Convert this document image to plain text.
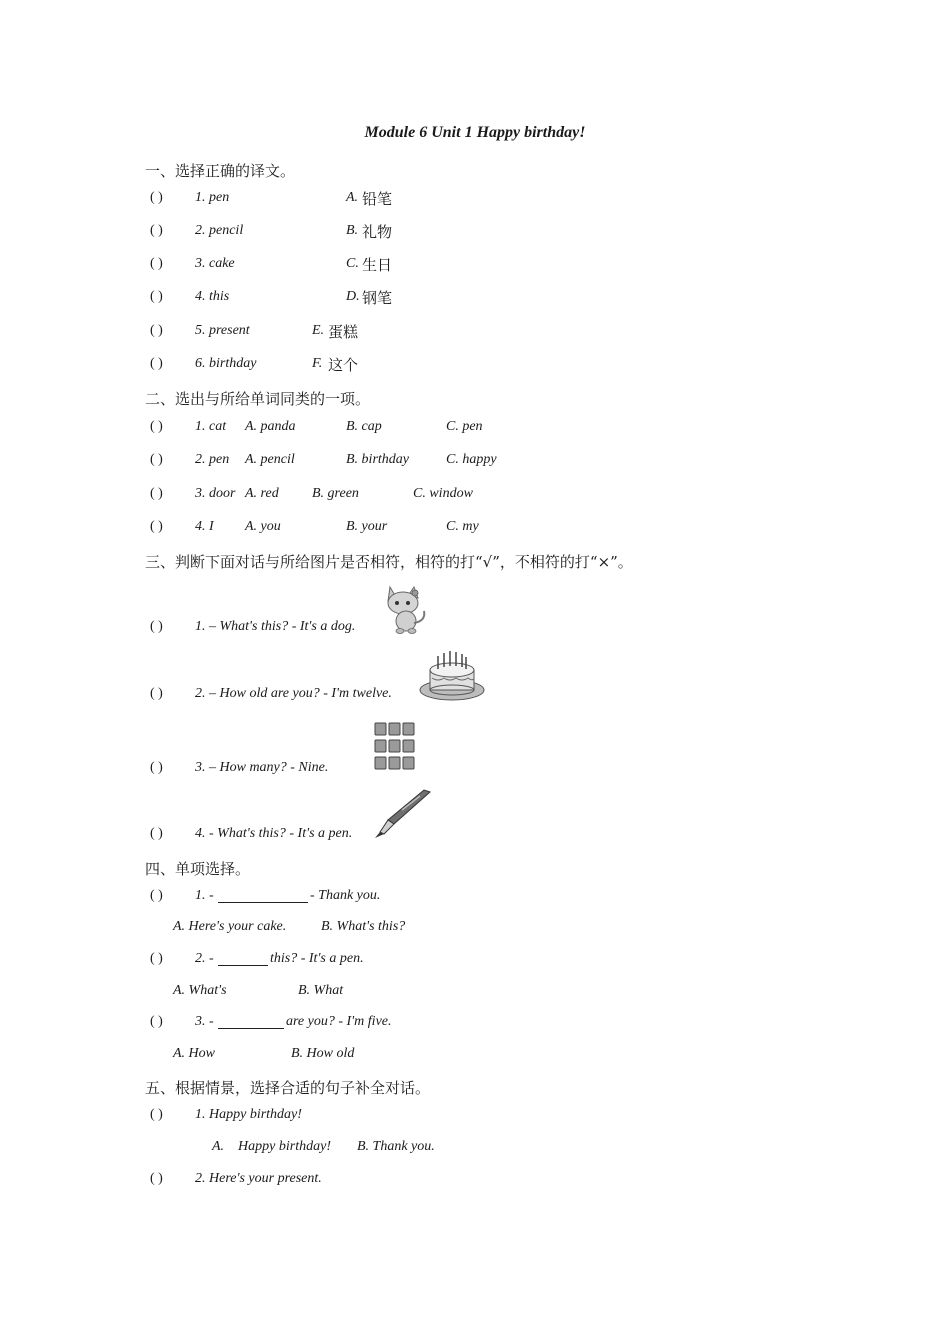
Module 6 Unit 1 Happy birthday!
一、选择正确的译文。
( ) 1. pen	A. 铅笔
( ) 2. pencil	B. 礼物
( ) 3. cake	C. 生日
( ) 4. this	D. 钢笔
( ) 5. present	E. 蛋糕
( ) 6. birthday	F. 这个
二、选出与所给单词同类的一项。
( ) 1. cat A. panda	B. cap	C. pen
( ) 2. pen A. pencil	B. birthday	C. happy
( ) 3. door A. red B. green	C. window
( ) 4. I A. you	B. your	C. my
三、判断下面对话与所给图片是否相符，相符的打“√”，不相符的打“×”。
( ) 1. – What's this? - It's a dog.
( ) 2. – How old are you? - I'm twelve.
( ) 3. – How many? - Nine.
( ) 4. - What's this? - It's a pen.
四、单项选择。
( ) 1. -	- Thank you.
A. Here's your cake. B. What's this?
( ) 2. -	this? - It's a pen.
A. What's	B. What
( ) 3. -	are you? - I'm five.
A. How	B. How old
五、根据情景，选择合适的句子补全对话。
( ) 1. Happy birthday!
A.    Happy birthday! B. Thank you.
( ) 2. Here's your present.
